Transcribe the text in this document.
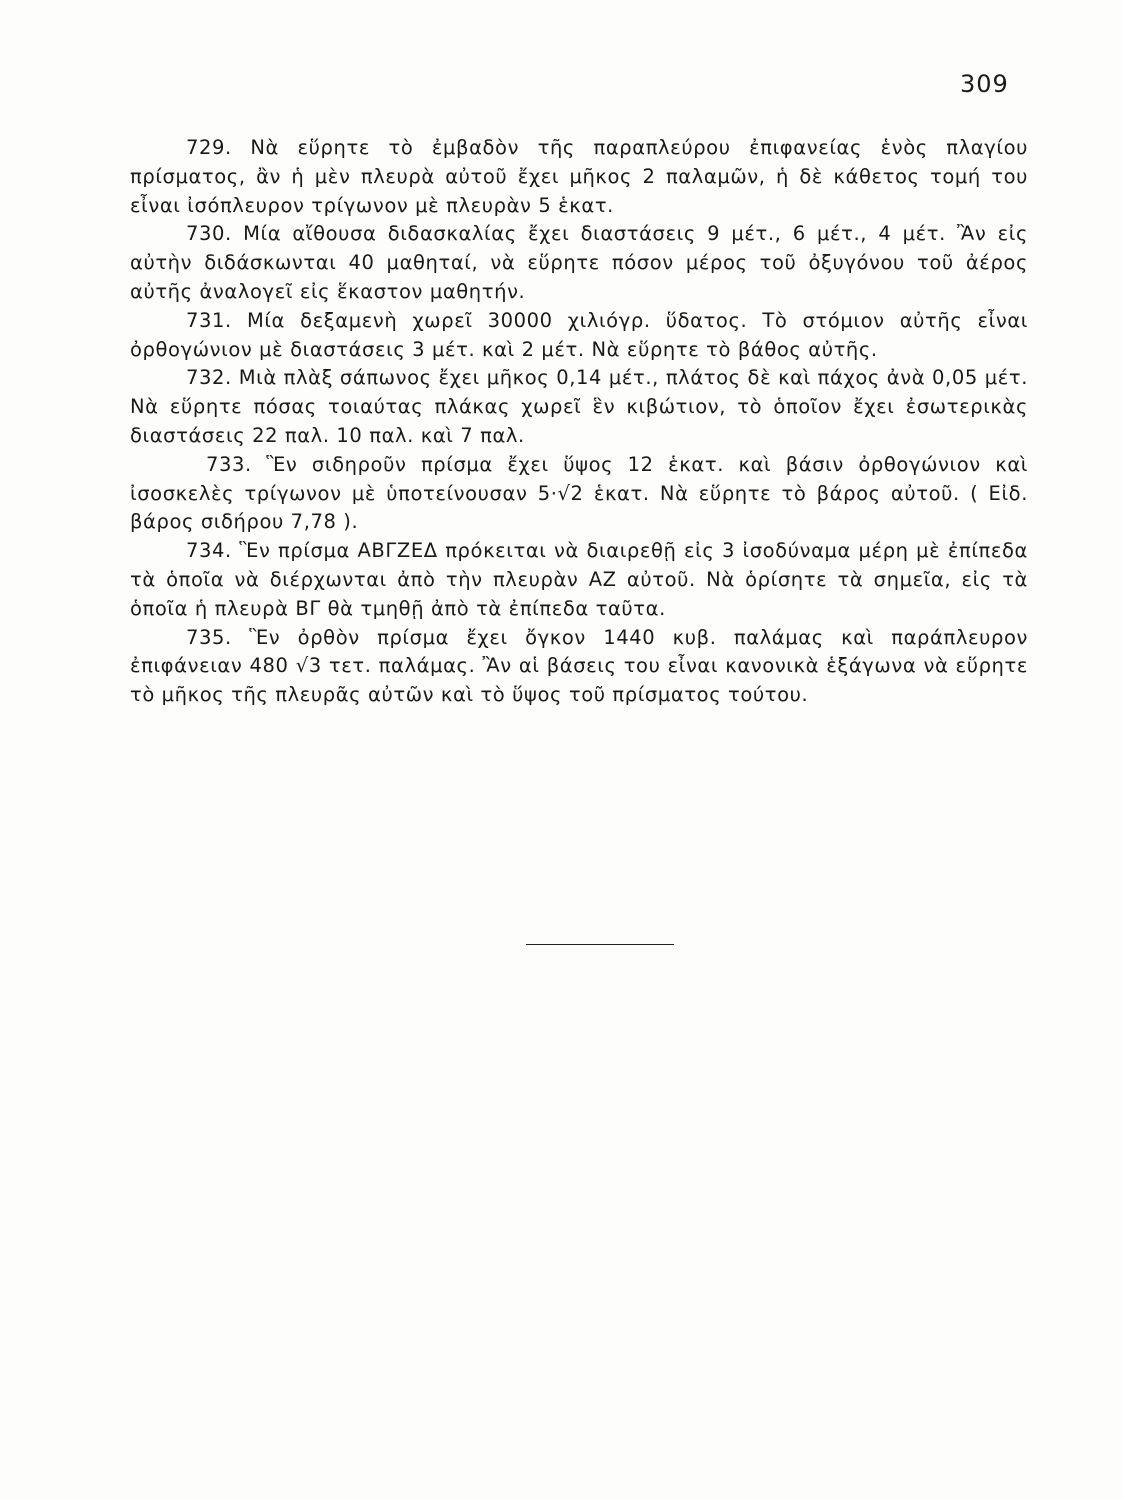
309

729. Νὰ εὕρητε τὸ ἐμβαδὸν τῆς παραπλεύρου ἐπιφανείας ἑνὸς πλαγίου πρίσματος, ἂν ἡ μὲν πλευρὰ αὐτοῦ ἔχει μῆκος 2 παλαμῶν, ἡ δὲ κάθετος τομή του εἶναι ἰσόπλευρον τρίγωνον μὲ πλευρὰν 5 ἑκατ.

730. Μία αἴθουσα διδασκαλίας ἔχει διαστάσεις 9 μέτ., 6 μέτ., 4 μέτ. Ἂν εἰς αὐτὴν διδάσκωνται 40 μαθηταί, νὰ εὕρητε πόσον μέρος τοῦ ὀξυγόνου τοῦ ἀέρος αὐτῆς ἀναλογεῖ εἰς ἕκαστον μαθητήν.

731. Μία δεξαμενὴ χωρεῖ 30000 χιλιόγρ. ὕδατος. Τὸ στόμιον αὐτῆς εἶναι ὀρθογώνιον μὲ διαστάσεις 3 μέτ. καὶ 2 μέτ. Νὰ εὕρητε τὸ βάθος αὐτῆς.

732. Μιὰ πλὰξ σάπωνος ἔχει μῆκος 0,14 μέτ., πλάτος δὲ καὶ πάχος ἀνὰ 0,05 μέτ. Νὰ εὕρητε πόσας τοιαύτας πλάκας χωρεῖ ἓν κιβώτιον, τὸ ὁποῖον ἔχει ἐσωτερικὰς διαστάσεις 22 παλ. 10 παλ. καὶ 7 παλ.

733. Ἓν σιδηροῦν πρίσμα ἔχει ὕψος 12 ἑκατ. καὶ βάσιν ὀρθογώνιον καὶ ἰσοσκελὲς τρίγωνον μὲ ὑποτείνουσαν 5·√2 ἑκατ. Νὰ εὕρητε τὸ βάρος αὐτοῦ. ( Εἰδ. βάρος σιδήρου 7,78 ).

734. Ἓν πρίσμα ΑΒΓΖΕΔ πρόκειται νὰ διαιρεθῇ εἰς 3 ἰσοδύναμα μέρη μὲ ἐπίπεδα τὰ ὁποῖα νὰ διέρχωνται ἀπὸ τὴν πλευρὰν ΑΖ αὐτοῦ. Νὰ ὁρίσητε τὰ σημεῖα, εἰς τὰ ὁποῖα ἡ πλευρὰ ΒΓ θὰ τμηθῇ ἀπὸ τὰ ἐπίπεδα ταῦτα.

735. Ἓν ὀρθὸν πρίσμα ἔχει ὄγκον 1440 κυβ. παλάμας καὶ παράπλευρον ἐπιφάνειαν 480 √3 τετ. παλάμας. Ἂν αἱ βάσεις του εἶναι κανονικὰ ἑξάγωνα νὰ εὕρητε τὸ μῆκος τῆς πλευρᾶς αὐτῶν καὶ τὸ ὕψος τοῦ πρίσματος τούτου.
